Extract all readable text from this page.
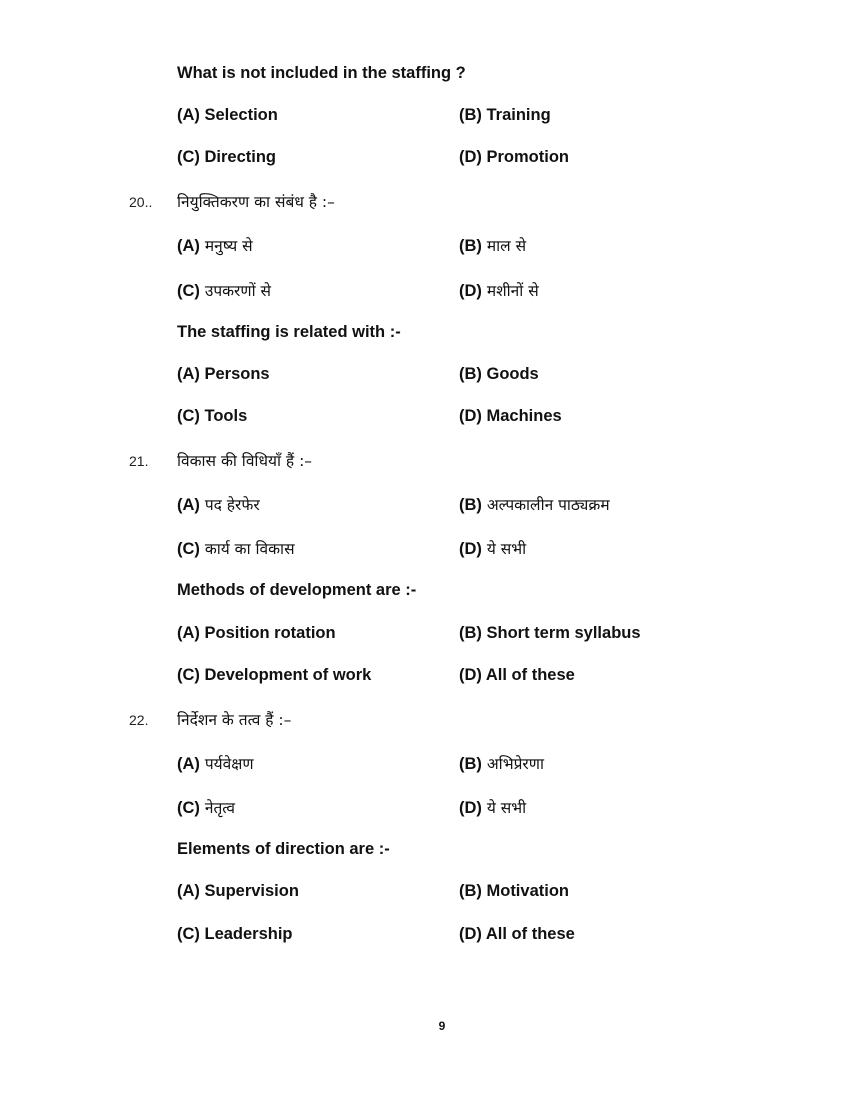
What is not included in the staffing ?
(A) Selection	(B) Training
(C) Directing	(D) Promotion
20.. नियुक्तिकरण का संबंध है :–
(A) मनुष्य से	(B) माल से
(C) उपकरणों से	(D) मशीनों से
The staffing is related with :-
(A) Persons	(B) Goods
(C) Tools	(D) Machines
21. विकास की विधियाँ हैं :–
(A) पद हेरफेर	(B) अल्पकालीन पाठ्यक्रम
(C) कार्य का विकास	(D) ये सभी
Methods of development are :-
(A) Position rotation	(B) Short term syllabus
(C) Development of work	(D) All of these
22. निर्देशन के तत्व हैं :–
(A) पर्यवेक्षण	(B) अभिप्रेरणा
(C) नेतृत्व	(D) ये सभी
Elements of direction are :-
(A) Supervision	(B) Motivation
(C) Leadership	(D) All of these
9
